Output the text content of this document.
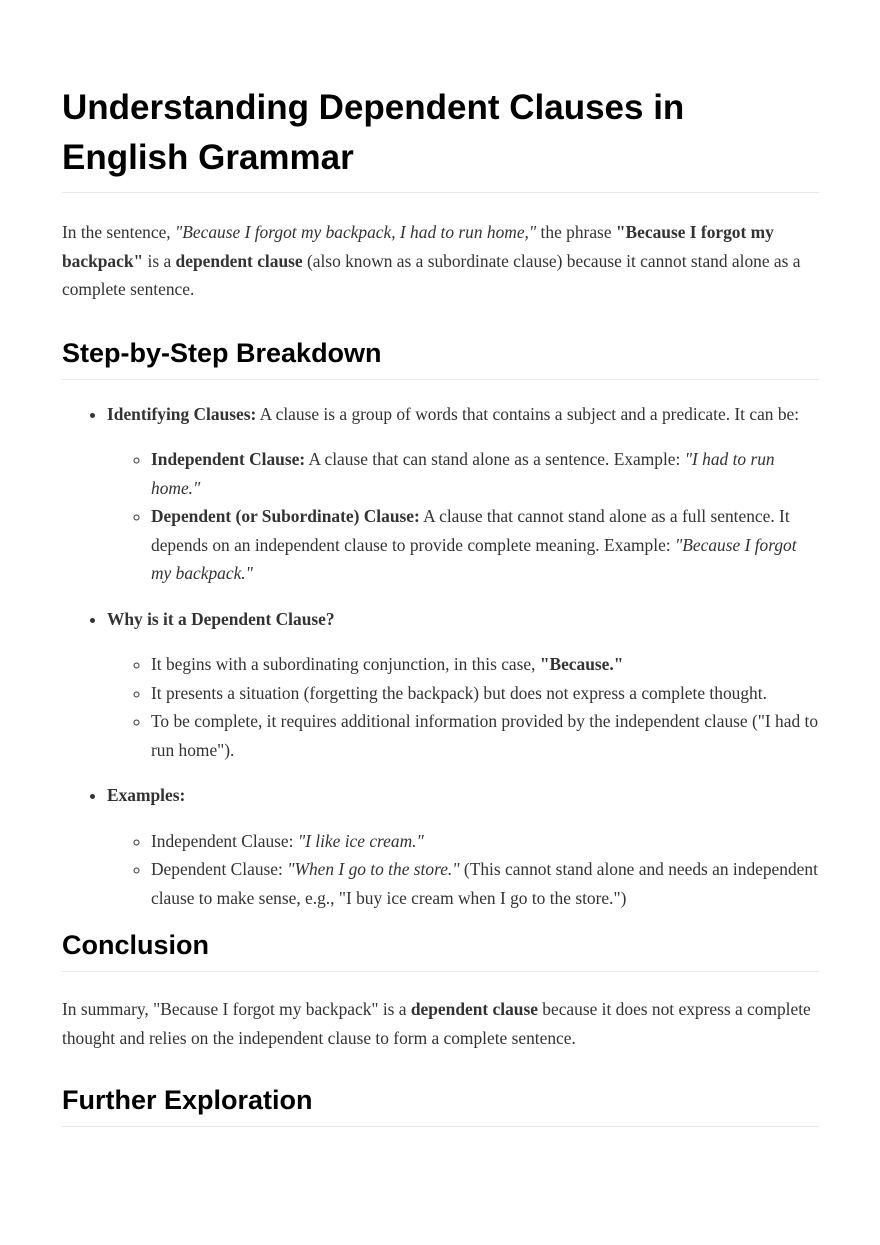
Understanding Dependent Clauses in English Grammar

In the sentence, "Because I forgot my backpack, I had to run home," the phrase "Because I forgot my backpack" is a dependent clause (also known as a subordinate clause) because it cannot stand alone as a complete sentence.

Step-by-Step Breakdown
• Identifying Clauses: A clause is a group of words that contains a subject and a predicate. It can be:
◦ Independent Clause: A clause that can stand alone as a sentence. Example: "I had to run home."
◦ Dependent (or Subordinate) Clause: A clause that cannot stand alone as a full sentence. It depends on an independent clause to provide complete meaning. Example: "Because I forgot my backpack."
• Why is it a Dependent Clause?
◦ It begins with a subordinating conjunction, in this case, "Because."
◦ It presents a situation (forgetting the backpack) but does not express a complete thought.
◦ To be complete, it requires additional information provided by the independent clause ("I had to run home").
• Examples:
◦ Independent Clause: "I like ice cream."
◦ Dependent Clause: "When I go to the store." (This cannot stand alone and needs an independent clause to make sense, e.g., "I buy ice cream when I go to the store.")
Conclusion

In summary, "Because I forgot my backpack" is a dependent clause because it does not express a complete thought and relies on the independent clause to form a complete sentence.

Further Exploration
